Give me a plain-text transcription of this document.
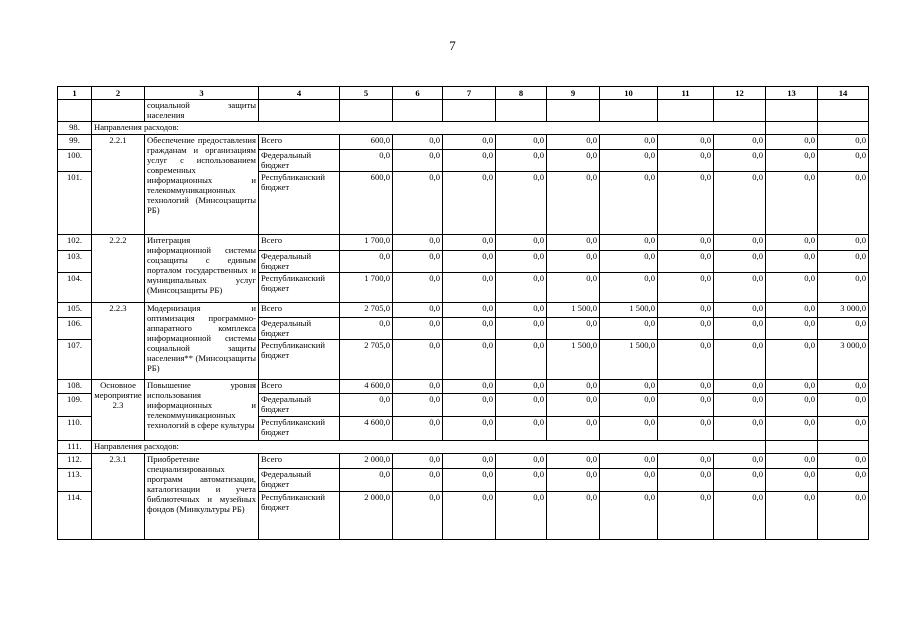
7
1	2	3	4	5	6	7	8	9	10	11	12	13	14
		социальной защиты населения											
98.	Направления расходов:												
99.	2.2.1	Обеспечение предоставления гражданам и организациям услуг с использованием современных информационных и телекоммуникационных технологий (Минсоцзащиты РБ)	Всего	600,0	0,0	0,0	0,0	0,0	0,0	0,0	0,0	0,0	0,0
100.			Федеральный бюджет	0,0	0,0	0,0	0,0	0,0	0,0	0,0	0,0	0,0	0,0
101.			Республиканский бюджет	600,0	0,0	0,0	0,0	0,0	0,0	0,0	0,0	0,0	0,0
102.	2.2.2	Интеграция информационной системы соцзащиты с единым порталом государственных и муниципальных услуг (Минсоцзащиты РБ)	Всего	1 700,0	0,0	0,0	0,0	0,0	0,0	0,0	0,0	0,0	0,0
103.			Федеральный бюджет	0,0	0,0	0,0	0,0	0,0	0,0	0,0	0,0	0,0	0,0
104.			Республиканский бюджет	1 700,0	0,0	0,0	0,0	0,0	0,0	0,0	0,0	0,0	0,0
105.	2.2.3	Модернизация и оптимизация программно-аппаратного комплекса информационной системы социальной защиты населения** (Минсоцзащиты РБ)	Всего	2 705,0	0,0	0,0	0,0	1 500,0	1 500,0	0,0	0,0	0,0	3 000,0
106.			Федеральный бюджет	0,0	0,0	0,0	0,0	0,0	0,0	0,0	0,0	0,0	0,0
107.			Республиканский бюджет	2 705,0	0,0	0,0	0,0	1 500,0	1 500,0	0,0	0,0	0,0	3 000,0
108.	Основное мероприятие 2.3	Повышение уровня использования информационных и телекоммуникационных технологий в сфере культуры	Всего	4 600,0	0,0	0,0	0,0	0,0	0,0	0,0	0,0	0,0	0,0
109.			Федеральный бюджет	0,0	0,0	0,0	0,0	0,0	0,0	0,0	0,0	0,0	0,0
110.			Республиканский бюджет	4 600,0	0,0	0,0	0,0	0,0	0,0	0,0	0,0	0,0	0,0
111.	Направления расходов:												
112.	2.3.1	Приобретение специализированных программ автоматизации, каталогизации и учета библиотечных и музейных фондов (Минкультуры РБ)	Всего	2 000,0	0,0	0,0	0,0	0,0	0,0	0,0	0,0	0,0	0,0
113.			Федеральный бюджет	0,0	0,0	0,0	0,0	0,0	0,0	0,0	0,0	0,0	0,0
114.			Республиканский бюджет	2 000,0	0,0	0,0	0,0	0,0	0,0	0,0	0,0	0,0	0,0
